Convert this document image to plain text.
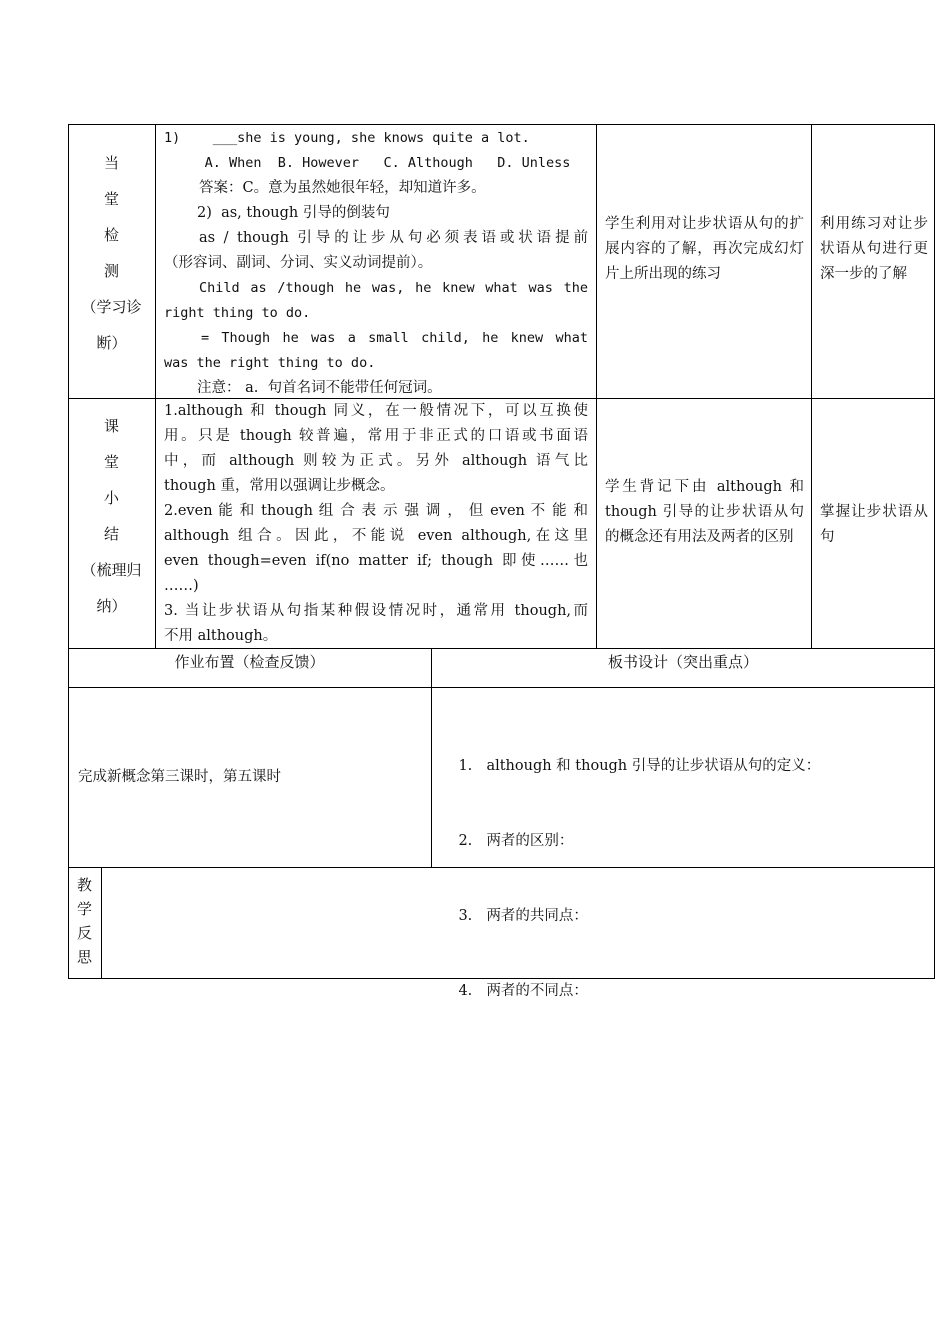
当
堂
检
测
（学习诊
断）
1)    ___she is young, she knows quite a lot.
A. When  B. However   C. Although   D. Unless
答案：C。意为虽然她很年轻，却知道许多。
2)  as, though 引导的倒装句
as / though 引导的让步从句必须表语或状语提前
（形容词、副词、分词、实义动词提前）。
Child as /though he was, he knew what was the
right thing to do.
= Though he was a small child, he knew what
was the right thing to do.
注意： a.  句首名词不能带任何冠词。
学生利用对让步状语从句的扩展内容的了解，再次完成幻灯片上所出现的练习
利用练习对让步状语从句进行更深一步的了解
课
堂
小
结
（梳理归
纳）
1.although 和 though 同义，在一般情况下，可以互换使
用。只是 though 较普遍，常用于非正式的口语或书面语
中，而 although 则较为正式。另外 although 语气比
though 重，常用以强调让步概念。
2.even 能 和 though 组 合 表 示 强 调 ， 但 even 不 能 和
although 组合。因此，不能说 even although,在这里
even though=even if(no matter if; though 即使……也
……)
3. 当让步状语从句指某种假设情况时，通常用 though,而
不用 although。
学生背记下由 although 和 though 引导的让步状语从句的概念还有用法及两者的区别
掌握让步状语从句
作业布置（检查反馈）	板书设计（突出重点）
完成新概念第三课时，第五课时

1. although 和 though 引导的让步状语从句的定义：

2. 两者的区别：

3. 两者的共同点：

4. 两者的不同点：

教
学
反
思
